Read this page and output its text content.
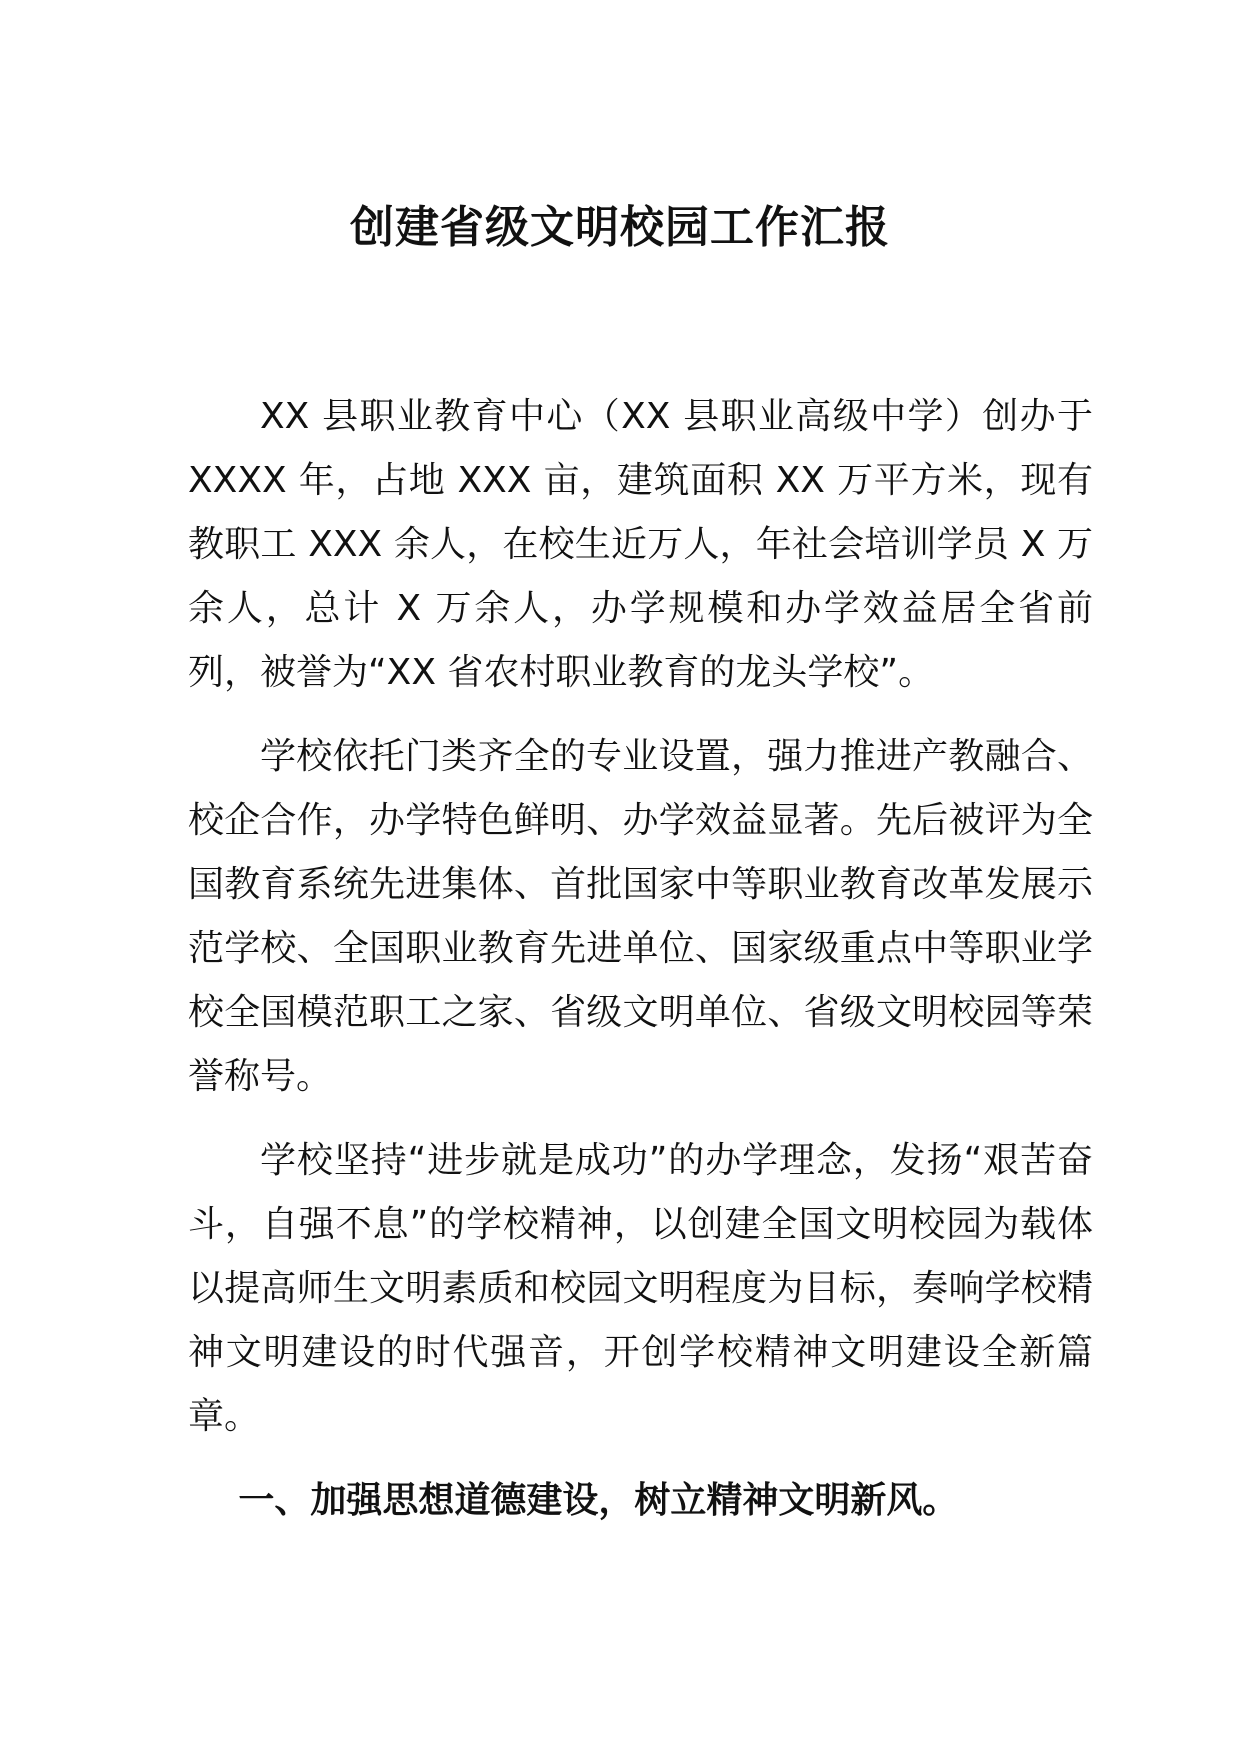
创建省级文明校园工作汇报

XX 县职业教育中心（XX 县职业高级中学）创办于 XXXX 年，占地 XXX 亩，建筑面积 XX 万平方米，现有教职工 XXX 余人，在校生近万人，年社会培训学员 X 万余人，总计 X 万余人，办学规模和办学效益居全省前列，被誉为“XX 省农村职业教育的龙头学校”。

学校依托门类齐全的专业设置，强力推进产教融合、校企合作，办学特色鲜明、办学效益显著。先后被评为全国教育系统先进集体、首批国家中等职业教育改革发展示范学校、全国职业教育先进单位、国家级重点中等职业学校全国模范职工之家、省级文明单位、省级文明校园等荣誉称号。

学校坚持“进步就是成功”的办学理念，发扬“艰苦奋斗，自强不息”的学校精神，以创建全国文明校园为载体以提高师生文明素质和校园文明程度为目标，奏响学校精神文明建设的时代强音，开创学校精神文明建设全新篇章。

一、加强思想道德建设，树立精神文明新风。
